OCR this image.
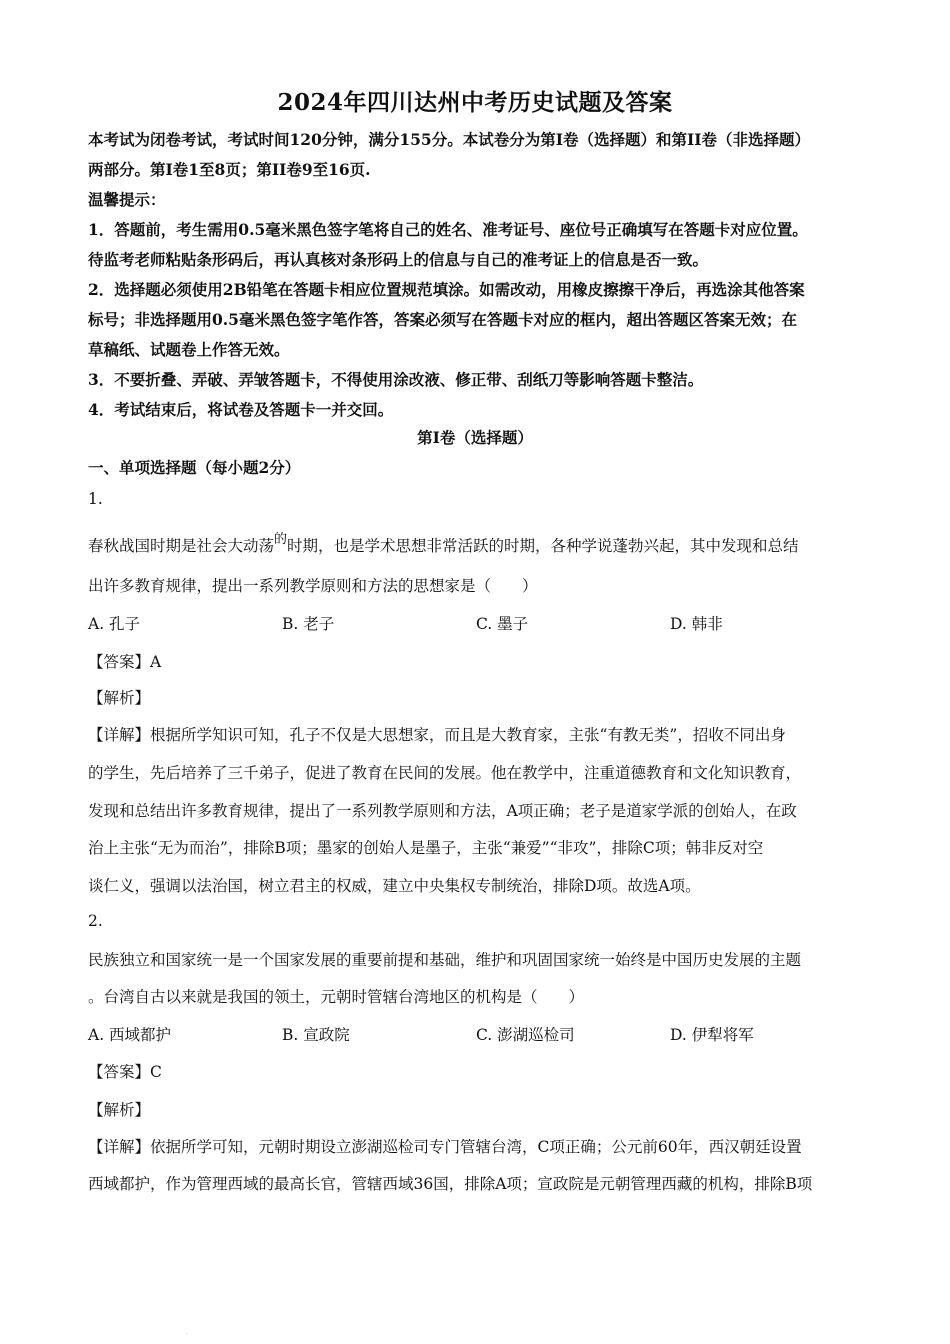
2024年四川达州中考历史试题及答案
本考试为闭卷考试，考试时间120分钟，满分155分。本试卷分为第I卷（选择题）和第II卷（非选择题）
两部分。第I卷1至8页；第II卷9至16页.
温馨提示：
1．答题前，考生需用0.5毫米黑色签字笔将自己的姓名、准考证号、座位号正确填写在答题卡对应位置。
待监考老师粘贴条形码后，再认真核对条形码上的信息与自己的准考证上的信息是否一致。
2．选择题必须使用2B铅笔在答题卡相应位置规范填涂。如需改动，用橡皮擦擦干净后，再选涂其他答案
标号；非选择题用0.5毫米黑色签字笔作答，答案必须写在答题卡对应的框内，超出答题区答案无效；在
草稿纸、试题卷上作答无效。
3．不要折叠、弄破、弄皱答题卡，不得使用涂改液、修正带、刮纸刀等影响答题卡整洁。
4．考试结束后，将试卷及答题卡一并交回。
第Ⅰ卷（选择题）
一、单项选择题（每小题2分）
1.
春秋战国时期是社会大动荡$^的$时期，也是学术思想非常活跃的时期，各种学说蓬勃兴起，其中发现和总结
出许多教育规律，提出一系列教学原则和方法的思想家是（　　）
A. 孔子	B. 老子	C. 墨子	D. 韩非
【答案】A
【解析】
【详解】根据所学知识可知，孔子不仅是大思想家，而且是大教育家，主张“有教无类”，招收不同出身
的学生，先后培养了三千弟子，促进了教育在民间的发展。他在教学中，注重道德教育和文化知识教育，
发现和总结出许多教育规律，提出了一系列教学原则和方法，A项正确；老子是道家学派的创始人，在政
治上主张“无为而治”，排除B项；墨家的创始人是墨子，主张“兼爱”“非攻”，排除C项；韩非反对空
谈仁义，强调以法治国，树立君主的权威，建立中央集权专制统治，排除D项。故选A项。
2.
民族独立和国家统一是一个国家发展的重要前提和基础，维护和巩固国家统一始终是中国历史发展的主题
。台湾自古以来就是我国的领土，元朝时管辖台湾地区的机构是（　　）
A. 西域都护	B. 宣政院	C. 澎湖巡检司	D. 伊犁将军
【答案】C
【解析】
【详解】依据所学可知，元朝时期设立澎湖巡检司专门管辖台湾，C项正确；公元前60年，西汉朝廷设置
西域都护，作为管理西域的最高长官，管辖西域36国，排除A项；宣政院是元朝管理西藏的机构，排除B项
·
